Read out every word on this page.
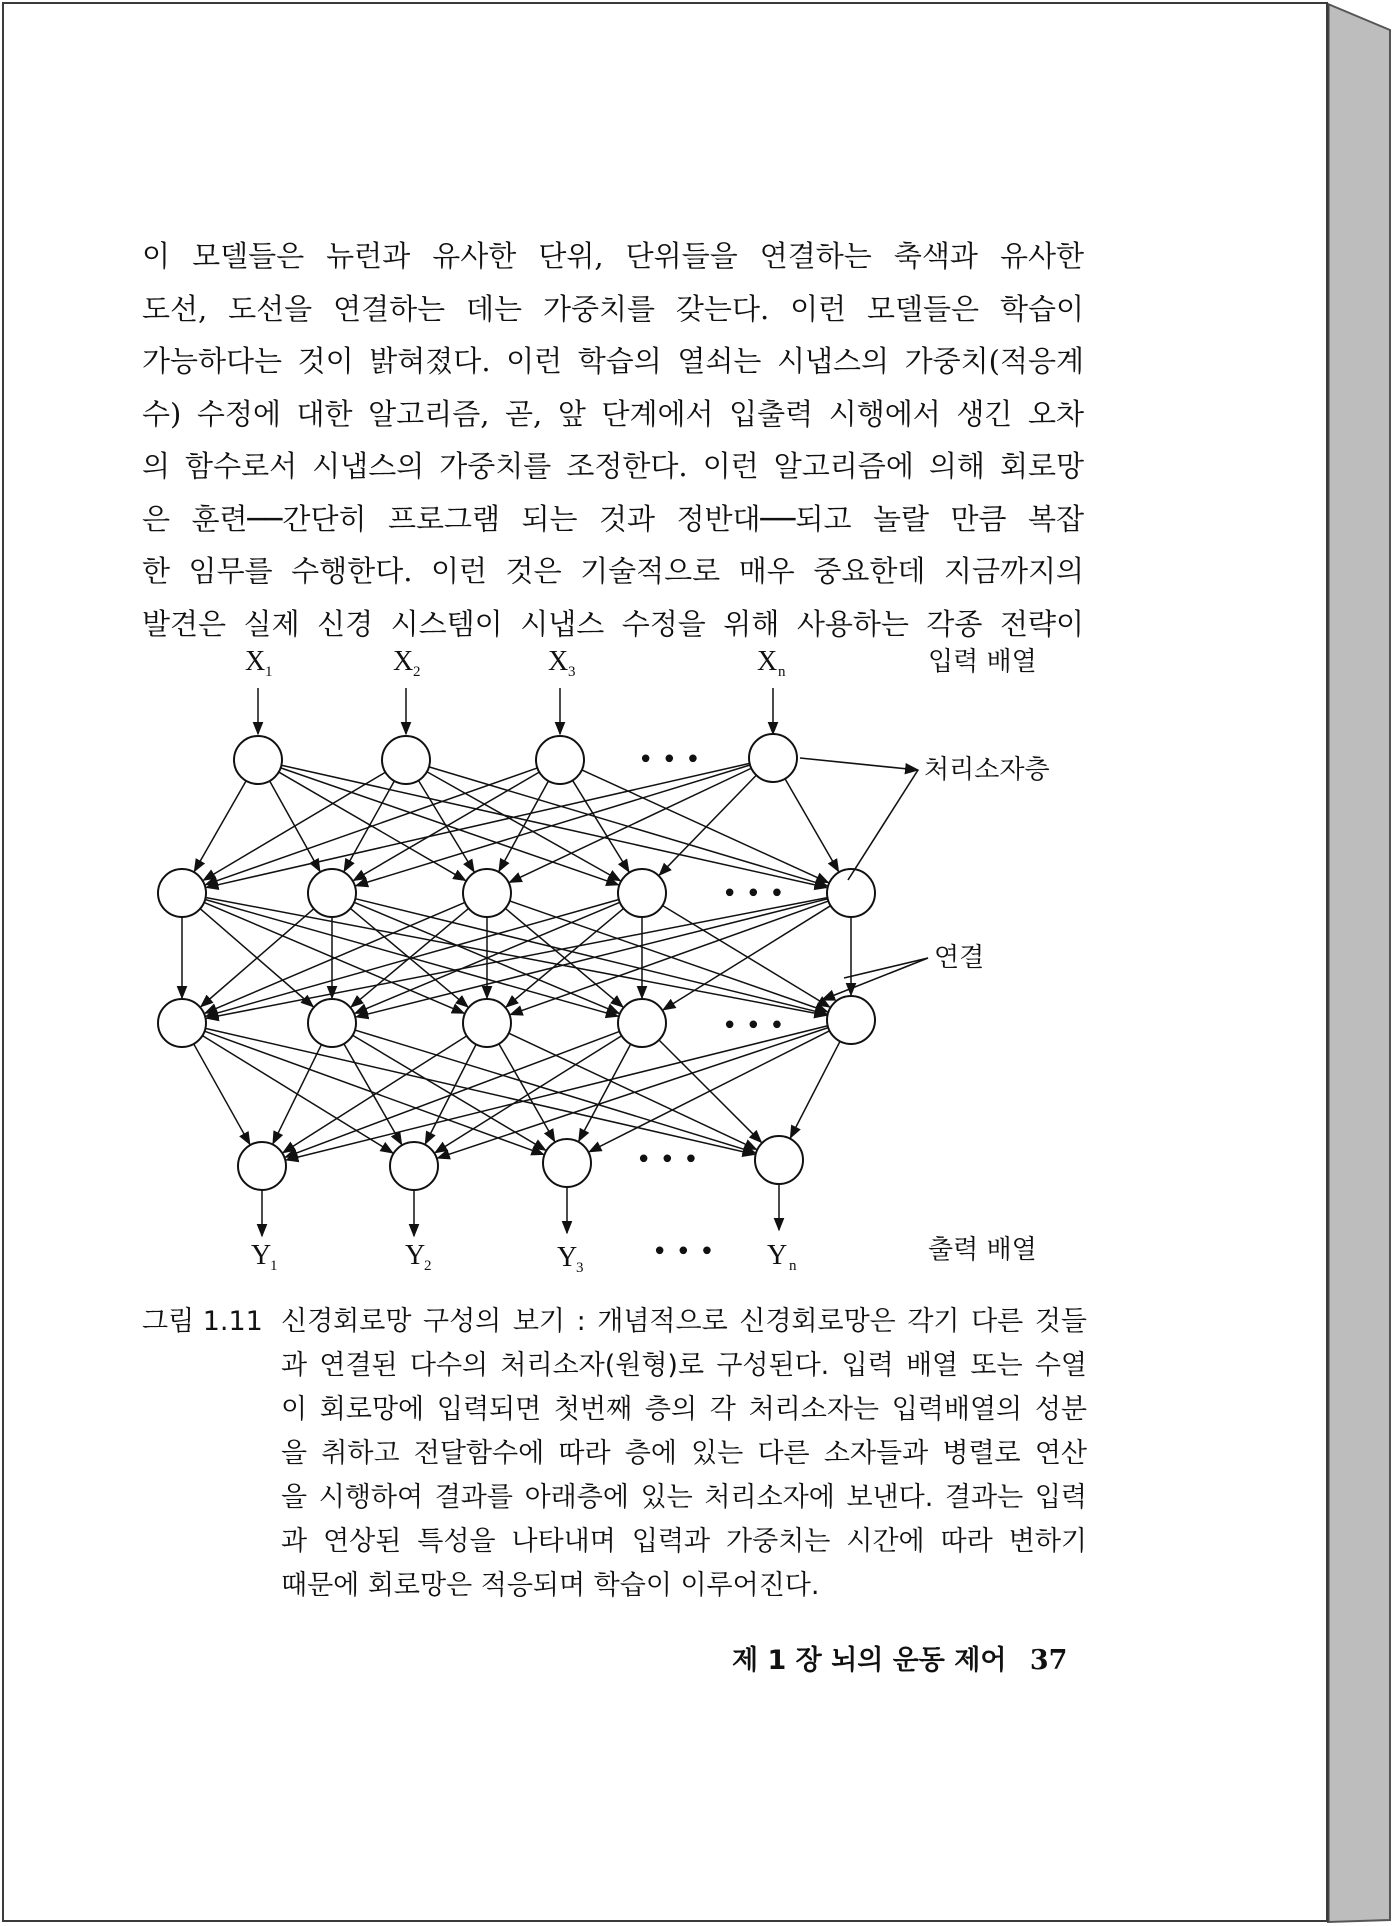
이 모델들은 뉴런과 유사한 단위, 단위들을 연결하는 축색과 유사한
도선, 도선을 연결하는 데는 가중치를 갖는다. 이런 모델들은 학습이
가능하다는 것이 밝혀졌다. 이런 학습의 열쇠는 시냅스의 가중치(적응계
수) 수정에 대한 알고리즘, 곧, 앞 단계에서 입출력 시행에서 생긴 오차
의 함수로서 시냅스의 가중치를 조정한다. 이런 알고리즘에 의해 회로망
은 훈련──간단히 프로그램 되는 것과 정반대──되고 놀랄 만큼 복잡
한 임무를 수행한다. 이런 것은 기술적으로 매우 중요한데 지금까지의
발견은 실제 신경 시스템이 시냅스 수정을 위해 사용하는 각종 전략이
X 1	X 2	X 3	X n
Y
1	Y
2	Y
3	Y n
• • •
• • •
• • •
• • •
• • •
입력 배열
처리소자층
연결
출력 배열
그림 1.11 신경회로망 구성의 보기 : 개념적으로 신경회로망은 각기 다른 것들
과 연결된 다수의 처리소자(원형)로 구성된다. 입력 배열 또는 수열
이 회로망에 입력되면 첫번째 층의 각 처리소자는 입력배열의 성분
을 취하고 전달함수에 따라 층에 있는 다른 소자들과 병렬로 연산
을 시행하여 결과를 아래층에 있는 처리소자에 보낸다. 결과는 입력
과 연상된 특성을 나타내며 입력과 가중치는 시간에 따라 변하기
때문에 회로망은 적응되며 학습이 이루어진다.
제 1 장 뇌의 운동 제어 37
